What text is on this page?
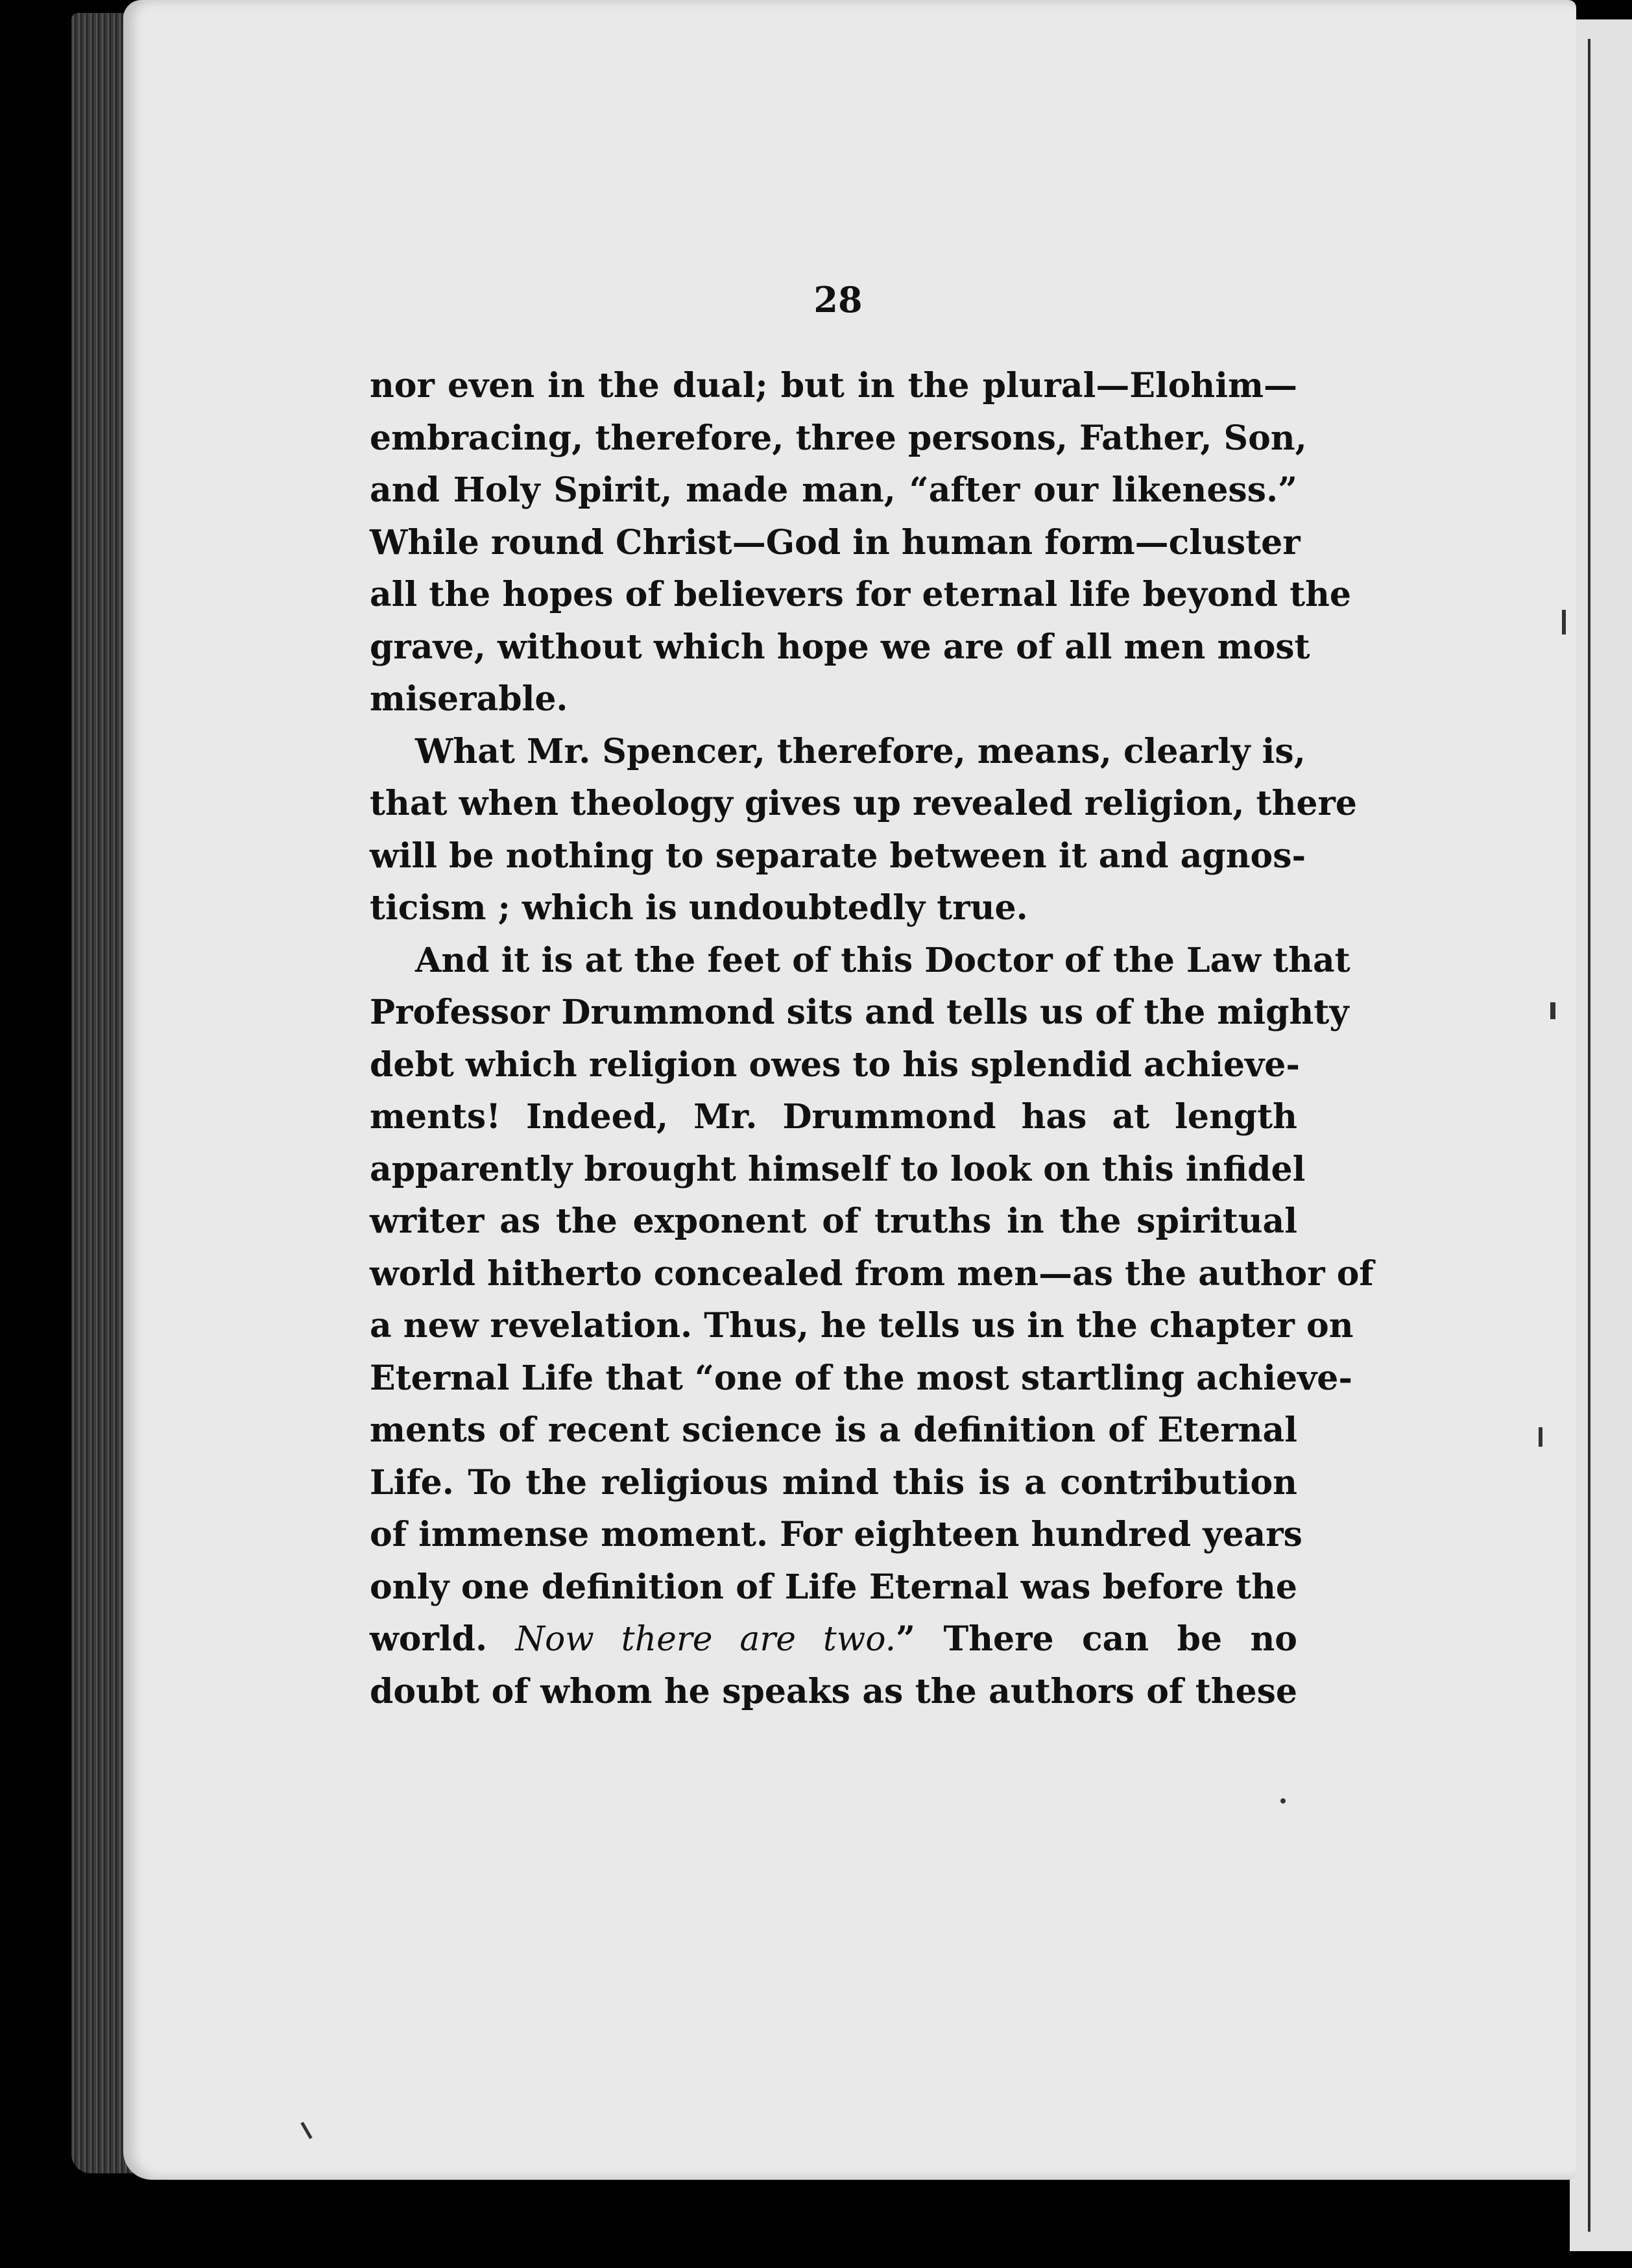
28
nor even in the dual; but in the plural—Elohim—
embracing, therefore, three persons, Father, Son,
and Holy Spirit, made man, “after our likeness.”
While round Christ—God in human form—cluster
all the hopes of believers for eternal life beyond the
grave, without which hope we are of all men most
miserable.
What Mr. Spencer, therefore, means, clearly is,
that when theology gives up revealed religion, there
will be nothing to separate between it and agnos-
ticism ; which is undoubtedly true.
And it is at the feet of this Doctor of the Law that
Professor Drummond sits and tells us of the mighty
debt which religion owes to his splendid achieve-
ments! Indeed, Mr. Drummond has at length
apparently brought himself to look on this infidel
writer as the exponent of truths in the spiritual
world hitherto concealed from men—as the author of
a new revelation. Thus, he tells us in the chapter on
Eternal Life that “one of the most startling achieve-
ments of recent science is a definition of Eternal
Life. To the religious mind this is a contribution
of immense moment. For eighteen hundred years
only one definition of Life Eternal was before the
world. Now there are two.” There can be no
doubt of whom he speaks as the authors of these
